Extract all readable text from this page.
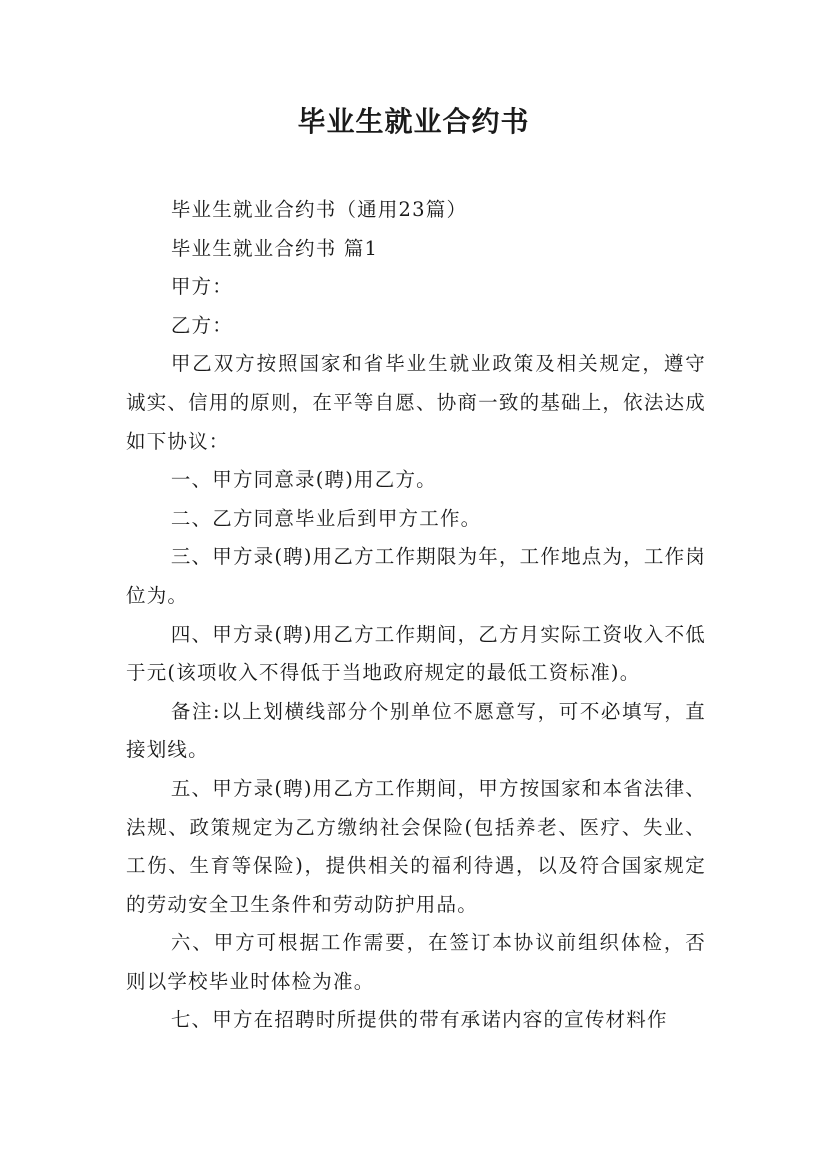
毕业生就业合约书

毕业生就业合约书（通用23篇）

毕业生就业合约书 篇1

甲方：

乙方：

甲乙双方按照国家和省毕业生就业政策及相关规定，遵守诚实、信用的原则，在平等自愿、协商一致的基础上，依法达成如下协议：

一、甲方同意录(聘)用乙方。

二、乙方同意毕业后到甲方工作。

三、甲方录(聘)用乙方工作期限为年，工作地点为，工作岗位为。

四、甲方录(聘)用乙方工作期间，乙方月实际工资收入不低于元(该项收入不得低于当地政府规定的最低工资标准)。

备注:以上划横线部分个别单位不愿意写，可不必填写，直接划线。

五、甲方录(聘)用乙方工作期间，甲方按国家和本省法律、法规、政策规定为乙方缴纳社会保险(包括养老、医疗、失业、工伤、生育等保险)，提供相关的福利待遇，以及符合国家规定的劳动安全卫生条件和劳动防护用品。

六、甲方可根据工作需要，在签订本协议前组织体检，否则以学校毕业时体检为准。

七、甲方在招聘时所提供的带有承诺内容的宣传材料作
